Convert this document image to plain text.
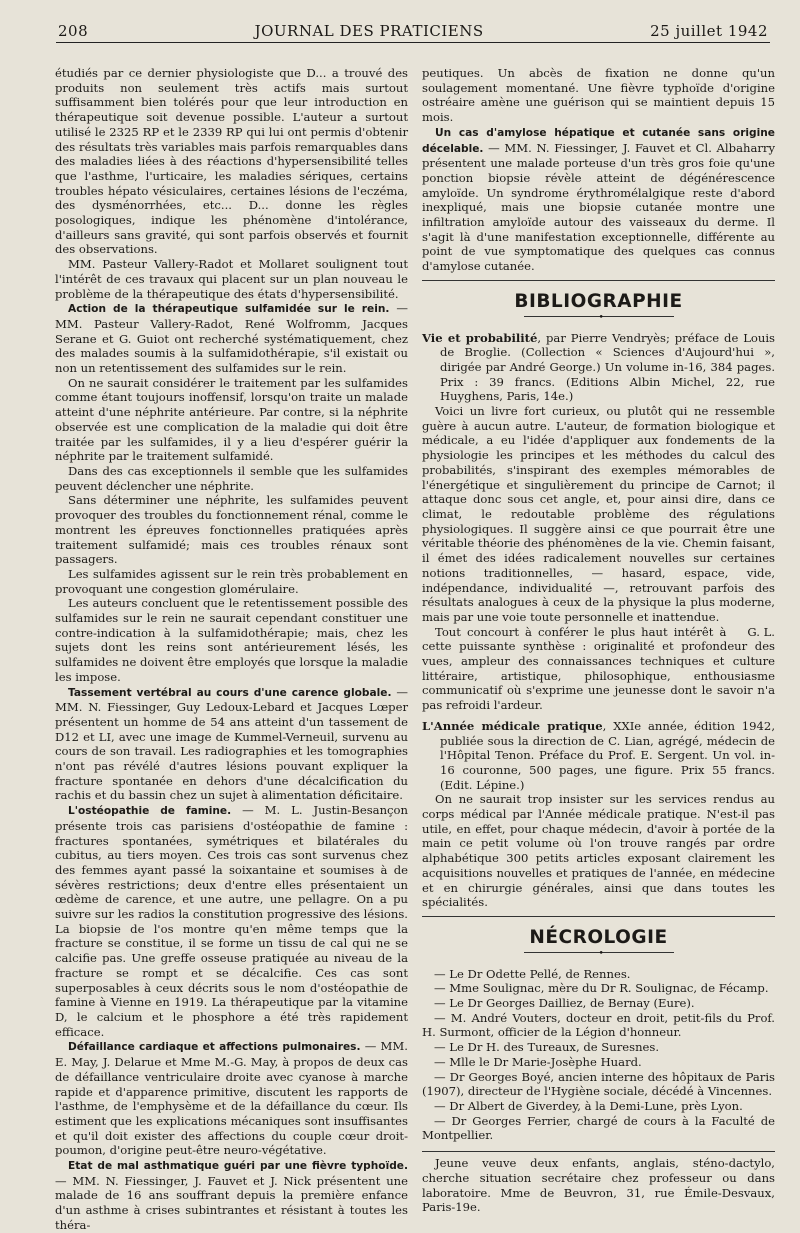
208	JOURNAL DES PRATICIENS	25 juillet 1942

étudiés par ce dernier physiologiste que D... a trouvé des produits non seulement très actifs mais surtout suffisamment bien tolérés pour que leur introduction en thérapeutique soit devenue possible. L'auteur a surtout utilisé le 2325 RP et le 2339 RP qui lui ont permis d'obtenir des résultats très variables mais parfois remarquables dans des maladies liées à des réactions d'hypersensibilité telles que l'asthme, l'urticaire, les maladies sériques, certains troubles hépato vésiculaires, certaines lésions de l'eczéma, des dysménorrhées, etc... D... donne les règles posologiques, indique les phénomène d'intolérance, d'ailleurs sans gravité, qui sont parfois observés et fournit des observations.

MM. Pasteur Vallery-Radot et Mollaret soulignent tout l'intérêt de ces travaux qui placent sur un plan nouveau le problème de la thérapeutique des états d'hypersensibilité.

Action de la thérapeutique sulfamidée sur le rein. — MM. Pasteur Vallery-Radot, René Wolfromm, Jacques Serane et G. Guiot ont recherché systématiquement, chez des malades soumis à la sulfamidothérapie, s'il existait ou non un retentissement des sulfamides sur le rein.

On ne saurait considérer le traitement par les sulfamides comme étant toujours inoffensif, lorsqu'on traite un malade atteint d'une néphrite antérieure. Par contre, si la néphrite observée est une complication de la maladie qui doit être traitée par les sulfamides, il y a lieu d'espérer guérir la néphrite par le traitement sulfamidé.

Dans des cas exceptionnels il semble que les sulfamides peuvent déclencher une néphrite.

Sans déterminer une néphrite, les sulfamides peuvent provoquer des troubles du fonctionnement rénal, comme le montrent les épreuves fonctionnelles pratiquées après traitement sulfamidé; mais ces troubles rénaux sont passagers.

Les sulfamides agissent sur le rein très probablement en provoquant une congestion glomérulaire.

Les auteurs concluent que le retentissement possible des sulfamides sur le rein ne saurait cependant constituer une contre-indication à la sulfamidothérapie; mais, chez les sujets dont les reins sont antérieurement lésés, les sulfamides ne doivent être employés que lorsque la maladie les impose.

Tassement vertébral au cours d'une carence globale. — MM. N. Fiessinger, Guy Ledoux-Lebard et Jacques Lœper présentent un homme de 54 ans atteint d'un tassement de D12 et LI, avec une image de Kummel-Verneuil, survenu au cours de son travail. Les radiographies et les tomographies n'ont pas révélé d'autres lésions pouvant expliquer la fracture spontanée en dehors d'une décalcification du rachis et du bassin chez un sujet à alimentation déficitaire.

L'ostéopathie de famine. — M. L. Justin-Besançon présente trois cas parisiens d'ostéopathie de famine : fractures spontanées, symétriques et bilatérales du cubitus, au tiers moyen. Ces trois cas sont survenus chez des femmes ayant passé la soixantaine et soumises à de sévères restrictions; deux d'entre elles présentaient un œdème de carence, et une autre, une pellagre. On a pu suivre sur les radios la constitution progressive des lésions. La biopsie de l'os montre qu'en même temps que la fracture se constitue, il se forme un tissu de cal qui ne se calcifie pas. Une greffe osseuse pratiquée au niveau de la fracture se rompt et se décalcifie. Ces cas sont superposables à ceux décrits sous le nom d'ostéopathie de famine à Vienne en 1919. La thérapeutique par la vitamine D, le calcium et le phosphore a été très rapidement efficace.

Défaillance cardiaque et affections pulmonaires. — MM. E. May, J. Delarue et Mme M.-G. May, à propos de deux cas de défaillance ventriculaire droite avec cyanose à marche rapide et d'apparence primitive, discutent les rapports de l'asthme, de l'emphysème et de la défaillance du cœur. Ils estiment que les explications mécaniques sont insuffisantes et qu'il doit exister des affections du couple cœur droit-poumon, d'origine peut-être neuro-végétative.

Etat de mal asthmatique guéri par une fièvre typhoïde. — MM. N. Fiessinger, J. Fauvet et J. Nick présentent une malade de 16 ans souffrant depuis la première enfance d'un asthme à crises subintrantes et résistant à toutes les théra-

peutiques. Un abcès de fixation ne donne qu'un soulagement momentané. Une fièvre typhoïde d'origine ostréaire amène une guérison qui se maintient depuis 15 mois.

Un cas d'amylose hépatique et cutanée sans origine décelable. — MM. N. Fiessinger, J. Fauvet et Cl. Albaharry présentent une malade porteuse d'un très gros foie qu'une ponction biopsie révèle atteint de dégénérescence amyloïde. Un syndrome érythromélalgique reste d'abord inexpliqué, mais une biopsie cutanée montre une infiltration amyloïde autour des vaisseaux du derme. Il s'agit là d'une manifestation exceptionnelle, différente au point de vue symptomatique des quelques cas connus d'amylose cutanée.

BIBLIOGRAPHIE
•

Vie et probabilité, par Pierre Vendryès; préface de Louis de Broglie. (Collection « Sciences d'Aujourd'hui », dirigée par André George.) Un volume in-16, 384 pages. Prix : 39 francs. (Editions Albin Michel, 22, rue Huyghens, Paris, 14e.)

Voici un livre fort curieux, ou plutôt qui ne ressemble guère à aucun autre. L'auteur, de formation biologique et médicale, a eu l'idée d'appliquer aux fondements de la physiologie les principes et les méthodes du calcul des probabilités, s'inspirant des exemples mémorables de l'énergétique et singulièrement du principe de Carnot; il attaque donc sous cet angle, et, pour ainsi dire, dans ce climat, le redoutable problème des régulations physiologiques. Il suggère ainsi ce que pourrait être une véritable théorie des phénomènes de la vie. Chemin faisant, il émet des idées radicalement nouvelles sur certaines notions traditionnelles, — hasard, espace, vide, indépendance, individualité —, retrouvant parfois des résultats analogues à ceux de la physique la plus moderne, mais par une voie toute personnelle et inattendue.

G. L.
Tout concourt à conférer le plus haut intérêt à cette puissante synthèse : originalité et profondeur des vues, ampleur des connaissances techniques et culture littéraire, artistique, philosophique, enthousiasme communicatif où s'exprime une jeunesse dont le savoir n'a pas refroidi l'ardeur.

L'Année médicale pratique, XXIe année, édition 1942, publiée sous la direction de C. Lian, agrégé, médecin de l'Hôpital Tenon. Préface du Prof. E. Sergent. Un vol. in-16 couronne, 500 pages, une figure. Prix 55 francs. (Edit. Lépine.)

On ne saurait trop insister sur les services rendus au corps médical par l'Année médicale pratique. N'est-il pas utile, en effet, pour chaque médecin, d'avoir à portée de la main ce petit volume où l'on trouve rangés par ordre alphabétique 300 petits articles exposant clairement les acquisitions nouvelles et pratiques de l'année, en médecine et en chirurgie générales, ainsi que dans toutes les spécialités.

NÉCROLOGIE
•

— Le Dr Odette Pellé, de Rennes.

— Mme Soulignac, mère du Dr R. Soulignac, de Fécamp.

— Le Dr Georges Dailliez, de Bernay (Eure).

— M. André Vouters, docteur en droit, petit-fils du Prof. H. Surmont, officier de la Légion d'honneur.

— Le Dr H. des Tureaux, de Suresnes.

— Mlle le Dr Marie-Josèphe Huard.

— Dr Georges Boyé, ancien interne des hôpitaux de Paris (1907), directeur de l'Hygiène sociale, décédé à Vincennes.

— Dr Albert de Giverdey, à la Demi-Lune, près Lyon.

— Dr Georges Ferrier, chargé de cours à la Faculté de Montpellier.

Jeune veuve deux enfants, anglais, sténo-dactylo, cherche situation secrétaire chez professeur ou dans laboratoire. Mme de Beuvron, 31, rue Émile-Desvaux, Paris-19e.
